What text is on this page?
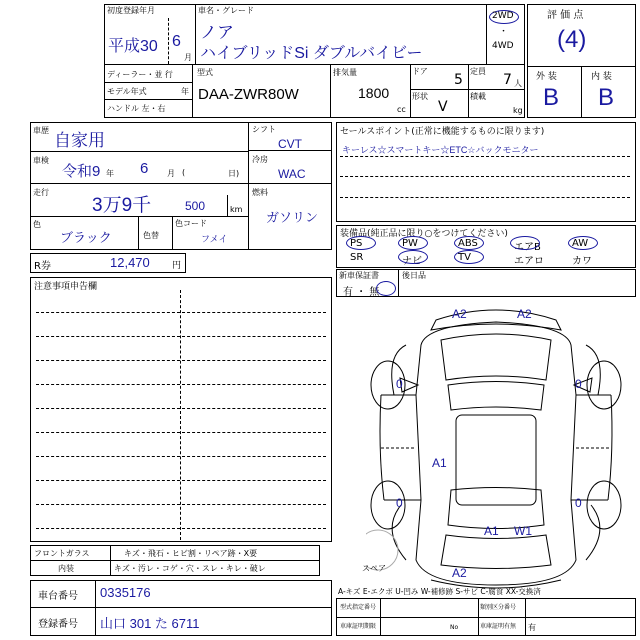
初度登録年月
平成30 6
月
車名・グレード
ノア
ハイブリッドSi ダブルバイビー
2WD
・
4WD
ディーラー・並 行
モデル年式	年
ハンドル 左・右
型式
DAA-ZWR80W
排気量
1800
cc
ドア
5
定員
7 人
形状
V
積載
kg
評 価 点
(4)
外 装	内 装
B B
車歴
自家用
車検
令和9 年 6 月 (	日)
走行
3万9千	500	km
色
ブラック	色替
色コード
フメイ
シフト
CVT
冷房
WAC
燃料
ガソリン
R券	12,470 円
セールスポイント(正常に機能するものに限ります)
キーレス☆スマートキー☆ETC☆バックモニター
装備品(純正品に限り○をつけてください)
PS	PW	ABS	エアB	AW
SR	ナビ	TV	エアロ	カワ
新車保証書
有 ・ 無
後日品
注意事項申告欄
A2	A2
0	0
A1
0	0
A1 W1
A2
スペア
フロントガラス	キズ・飛石・ヒビ割・リペア跡・X要
内装	キズ・汚レ・コゲ・穴・スレ・キレ・破レ
A-キズ E-エクボ U-凹み W-補修跡 S-サビ C-腐食 XX-交換済
車台番号 0335176
登録番号 山口 301 た 6711
型式指定番号	類別区分番号
車庫証明期限	No	車庫証明有無 有
